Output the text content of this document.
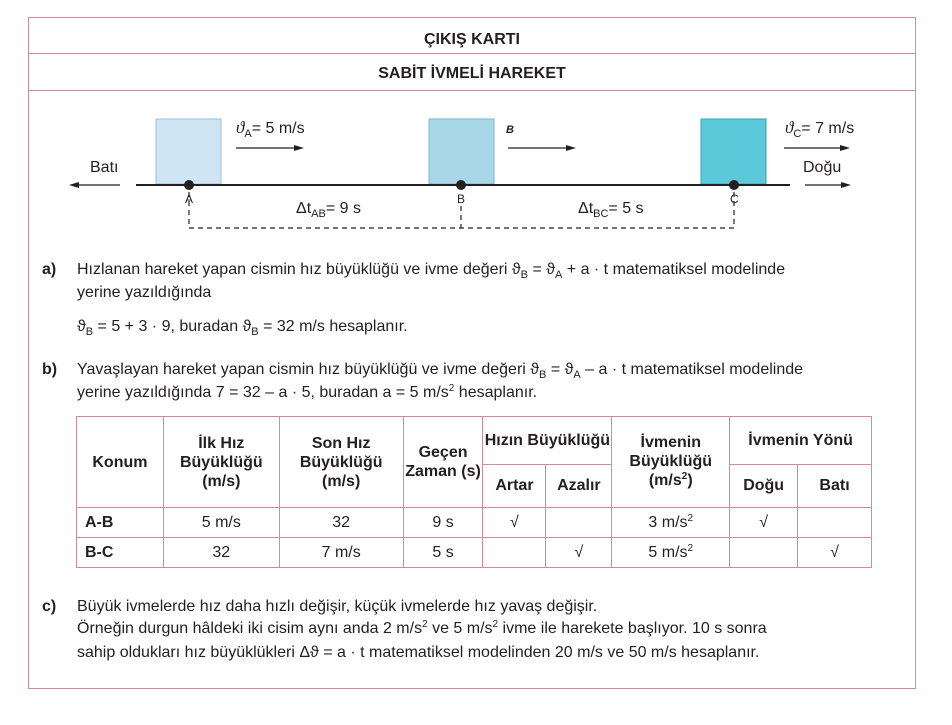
ÇIKIŞ KARTI
SABİT İVMELİ HAREKET
Batı	Doğu
A	B	C
B
$ϑ_A= 5$ m/s	$ϑ_C= 7$ m/s
$\Delta t_{AB}= 9$ s	$\Delta t_{BC}= 5$ s
a) Hızlanan hareket yapan cismin hız büyüklüğü ve ivme değeri $ϑ_B = ϑ_A + a \cdot t$ matematiksel modelinde
yerine yazıldığında
$ϑ_B = 5 + 3 \cdot 9$, buradan $ϑ_B = 32$ m/s hesaplanır.
b) Yavaşlayan hareket yapan cismin hız büyüklüğü ve ivme değeri $ϑ_B = ϑ_A - a \cdot t$ matematiksel modelinde
yerine yazıldığında 7 = 32 – a · 5, buradan a = 5 $m/s^2$ hesaplanır.
Konum	İlk Hız Büyüklüğü (m/s)	Son Hız Büyüklüğü (m/s)	Geçen Zaman (s)	Hızın Büyüklüğü		İvmenin Büyüklüğü $(m/s^2)$	İvmenin Yönü	
				Artar	Azalır		Doğu	Batı
A-B	5 m/s	32	9 s	√		3 $m/s^2$	√	
B-C	32	7 m/s	5 s		√	5 $m/s^2$		√
c) Büyük ivmelerde hız daha hızlı değişir, küçük ivmelerde hız yavaş değişir.
Örneğin durgun hâldeki iki cisim aynı anda 2 $m/s^2$ ve 5 $m/s^2$ ivme ile harekete başlıyor. 10 s sonra
sahip oldukları hız büyüklükleri Δϑ = a · t matematiksel modelinden 20 m/s ve 50 m/s hesaplanır.
